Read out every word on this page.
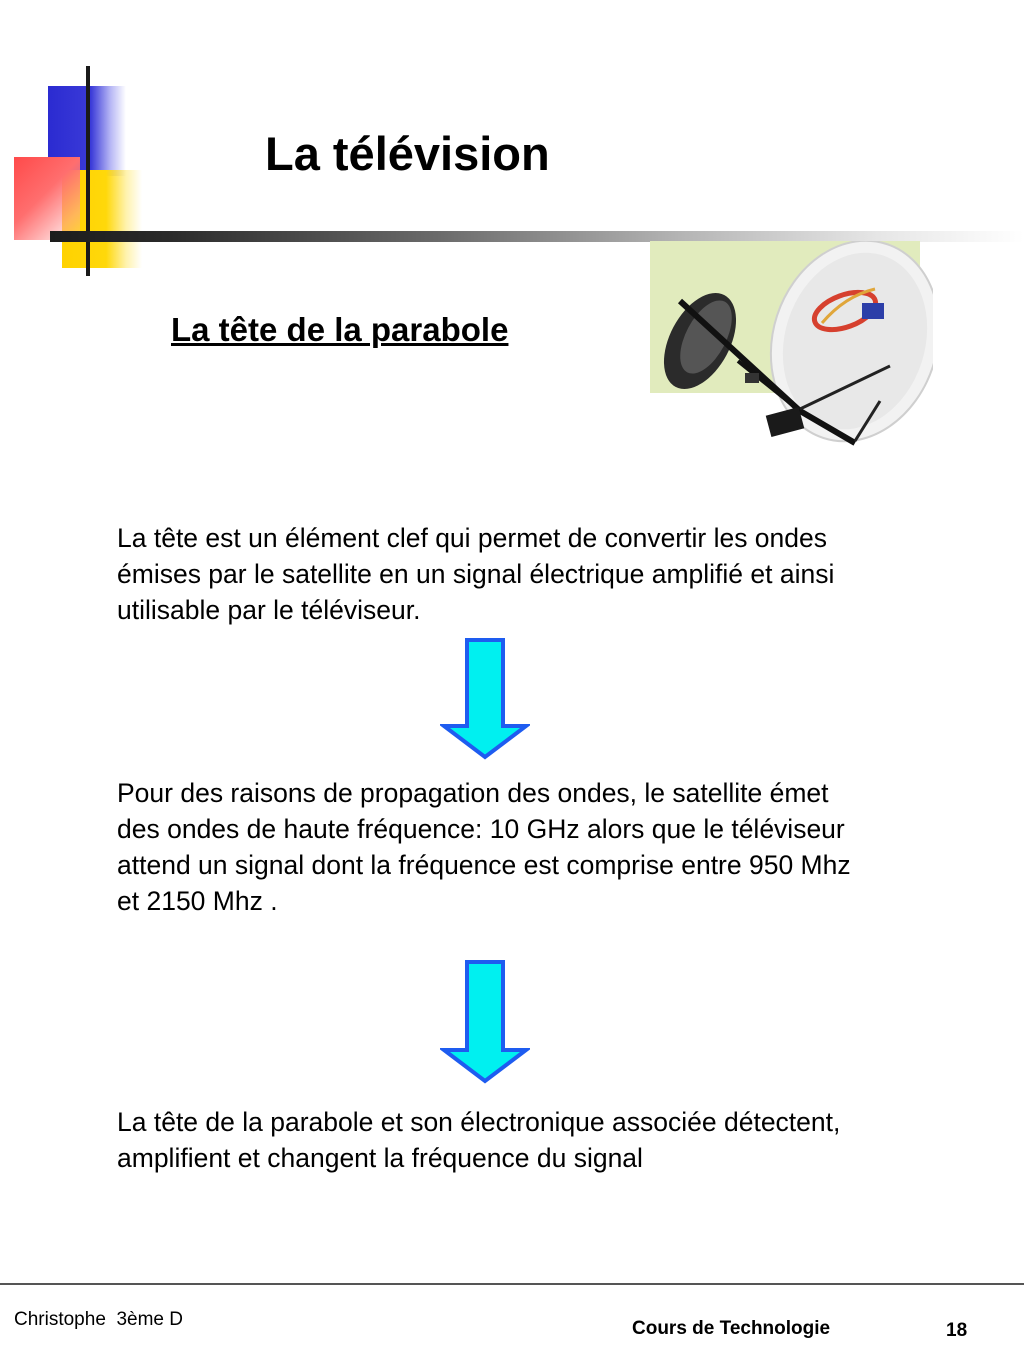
La télévision
La tête de la parabole
La tête est un élément clef qui permet de convertir les ondes émises par le satellite en un signal électrique amplifié et ainsi utilisable par le téléviseur.
Pour des raisons de propagation des ondes, le satellite émet des ondes de haute fréquence: 10 GHz alors que le téléviseur attend un signal dont la fréquence est comprise entre 950 Mhz et 2150 Mhz .
La tête de la parabole et son électronique associée détectent, amplifient et changent la fréquence du signal
Christophe  3ème D	Cours de Technologie	18
